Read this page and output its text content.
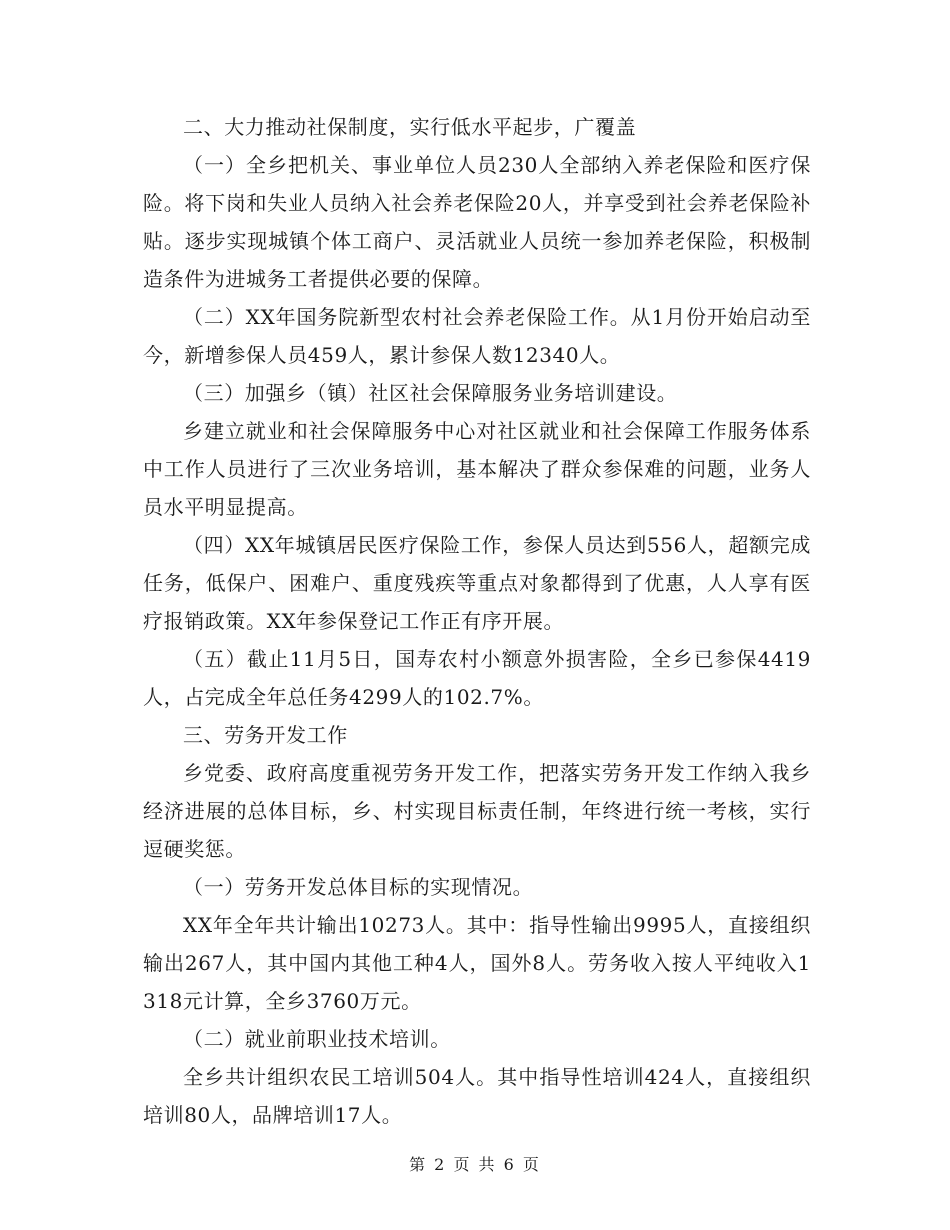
二、大力推动社保制度，实行低水平起步，广覆盖

（一）全乡把机关、事业单位人员230人全部纳入养老保险和医疗保险。将下岗和失业人员纳入社会养老保险20人，并享受到社会养老保险补贴。逐步实现城镇个体工商户、灵活就业人员统一参加养老保险，积极制造条件为进城务工者提供必要的保障。

（二）XX年国务院新型农村社会养老保险工作。从1月份开始启动至今，新增参保人员459人，累计参保人数12340人。

（三）加强乡（镇）社区社会保障服务业务培训建设。

乡建立就业和社会保障服务中心对社区就业和社会保障工作服务体系中工作人员进行了三次业务培训，基本解决了群众参保难的问题，业务人员水平明显提高。

（四）XX年城镇居民医疗保险工作，参保人员达到556人，超额完成任务，低保户、困难户、重度残疾等重点对象都得到了优惠，人人享有医疗报销政策。XX年参保登记工作正有序开展。

（五）截止11月5日，国寿农村小额意外损害险，全乡已参保4419人，占完成全年总任务4299人的102.7%。

三、劳务开发工作

乡党委、政府高度重视劳务开发工作，把落实劳务开发工作纳入我乡经济进展的总体目标，乡、村实现目标责任制，年终进行统一考核，实行逗硬奖惩。

（一）劳务开发总体目标的实现情况。

XX年全年共计输出10273人。其中：指导性输出9995人，直接组织输出267人，其中国内其他工种4人，国外8人。劳务收入按人平纯收入1318元计算，全乡3760万元。

（二）就业前职业技术培训。

全乡共计组织农民工培训504人。其中指导性培训424人，直接组织培训80人，品牌培训17人。

第 2 页 共 6 页
